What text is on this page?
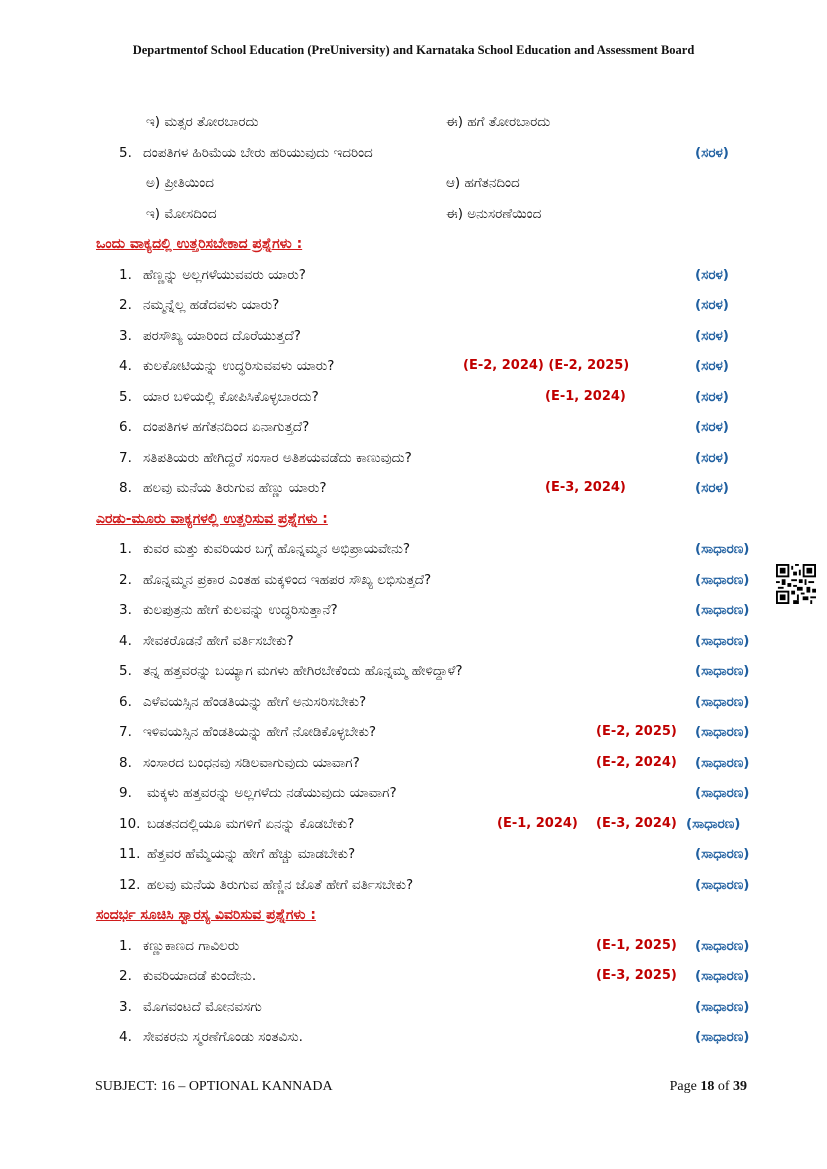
Departmentof School Education (PreUniversity) and Karnataka School Education and Assessment Board
ಇ) ಮತ್ಸರ ತೋರಬಾರದು	ಈ) ಹಗೆ ತೋರಬಾರದು
5. ದಂಪತಿಗಳ ಹಿರಿಮೆಯ ಬೇರು ಹರಿಯುವುದು ಇದರಿಂದ	(ಸರಳ)
ಅ) ಪ್ರೀತಿಯಿಂದ	ಆ) ಹಗೆತನದಿಂದ
ಇ) ಮೋಸದಿಂದ	ಈ) ಅನುಸರಣೆಯಿಂದ
ಒಂದು ವಾಕ್ಯದಲ್ಲಿ ಉತ್ತರಿಸಬೇಕಾದ ಪ್ರಶ್ನೆಗಳು :
1. ಹೆಣ್ಣನ್ನು ಅಲ್ಲಗಳೆಯುವವರು ಯಾರು?	(ಸರಳ)
2. ನಮ್ಮನ್ನೆಲ್ಲ ಹಡೆದವಳು ಯಾರು?	(ಸರಳ)
3. ಪರಸೌಖ್ಯ ಯಾರಿಂದ ದೊರೆಯುತ್ತದೆ?	(ಸರಳ)
4. ಕುಲಕೋಟಿಯನ್ನು ಉದ್ಧರಿಸುವವಳು ಯಾರು?	(E-2, 2024) (E-2, 2025)	(ಸರಳ)
5. ಯಾರ ಬಳಿಯಲ್ಲಿ ಕೋಪಿಸಿಕೊಳ್ಳಬಾರದು?	(E-1, 2024)	(ಸರಳ)
6. ದಂಪತಿಗಳ ಹಗೆತನದಿಂದ ಏನಾಗುತ್ತದೆ?	(ಸರಳ)
7. ಸತಿಪತಿಯರು ಹೇಗಿದ್ದರೆ ಸಂಸಾರ ಅತಿಶಯವಡೆದು ಕಾಣುವುದು?	(ಸರಳ)
8. ಹಲವು ಮನೆಯ ತಿರುಗುವ ಹೆಣ್ಣು ಯಾರು?	(E-3, 2024)	(ಸರಳ)
ಎರಡು-ಮೂರು ವಾಕ್ಯಗಳಲ್ಲಿ ಉತ್ತರಿಸುವ ಪ್ರಶ್ನೆಗಳು :
1. ಕುವರ ಮತ್ತು ಕುವರಿಯರ ಬಗ್ಗೆ ಹೊನ್ನಮ್ಮನ ಅಭಿಪ್ರಾಯವೇನು?	(ಸಾಧಾರಣ)
2. ಹೊನ್ನಮ್ಮನ ಪ್ರಕಾರ ಎಂತಹ ಮಕ್ಕಳಿಂದ ಇಹಪರ ಸೌಖ್ಯ ಲಭಿಸುತ್ತದೆ?	(ಸಾಧಾರಣ)
3. ಕುಲಪುತ್ರನು ಹೇಗೆ ಕುಲವನ್ನು ಉದ್ಧರಿಸುತ್ತಾನೆ?	(ಸಾಧಾರಣ)
4. ಸೇವಕರೊಡನೆ ಹೇಗೆ ವರ್ತಿಸಬೇಕು?	(ಸಾಧಾರಣ)
5. ತನ್ನ ಹತ್ತವರನ್ನು ಬಯ್ಯಾಗ ಮಗಳು ಹೇಗಿರಬೇಕೆಂದು ಹೊನ್ನಮ್ಮ ಹೇಳಿದ್ದಾಳೆ?	(ಸಾಧಾರಣ)
6. ಎಳೆವಯಸ್ಸಿನ ಹೆಂಡತಿಯನ್ನು ಹೇಗೆ ಅನುಸರಿಸಬೇಕು?	(ಸಾಧಾರಣ)
7. ಇಳಿವಯಸ್ಸಿನ ಹೆಂಡತಿಯನ್ನು ಹೇಗೆ ನೋಡಿಕೊಳ್ಳಬೇಕು?	(E-2, 2025) (ಸಾಧಾರಣ)
8. ಸಂಸಾರದ ಬಂಧನವು ಸಡಿಲವಾಗುವುದು ಯಾವಾಗ?	(E-2, 2024) (ಸಾಧಾರಣ)
9. ಮಕ್ಕಳು ಹತ್ತವರನ್ನು ಅಲ್ಲಗಳೆದು ನಡೆಯುವುದು ಯಾವಾಗ?	(ಸಾಧಾರಣ)
10. ಬಡತನದಲ್ಲಿಯೂ ಮಗಳಿಗೆ ಏನನ್ನು ಕೊಡಬೇಕು?	(E-1, 2024) (E-3, 2024) (ಸಾಧಾರಣ)
11. ಹೆತ್ತವರ ಹೆಮ್ಮೆಯನ್ನು ಹೇಗೆ ಹೆಚ್ಚು ಮಾಡಬೇಕು?	(ಸಾಧಾರಣ)
12. ಹಲವು ಮನೆಯ ತಿರುಗುವ ಹೆಣ್ಣಿನ ಜೊತೆ ಹೇಗೆ ವರ್ತಿಸಬೇಕು?	(ಸಾಧಾರಣ)
ಸಂದರ್ಭ ಸೂಚಿಸಿ ಸ್ವಾರಸ್ಯ ವಿವರಿಸುವ ಪ್ರಶ್ನೆಗಳು :
1. ಕಣ್ಣುಕಾಣದ ಗಾವಿಲರು	(E-1, 2025) (ಸಾಧಾರಣ)
2. ಕುವರಿಯಾದಡೆ ಕುಂದೇನು.	(E-3, 2025) (ಸಾಧಾರಣ)
3. ಮೊಗವಂಟದೆ ಮೋನವಸಗು	(ಸಾಧಾರಣ)
4. ಸೇವಕರನು ಸ್ಮರಣೆಗೊಂಡು ಸಂತವಿಸು.	(ಸಾಧಾರಣ)
SUBJECT: 16 – OPTIONAL KANNADA	Page 18 of 39
